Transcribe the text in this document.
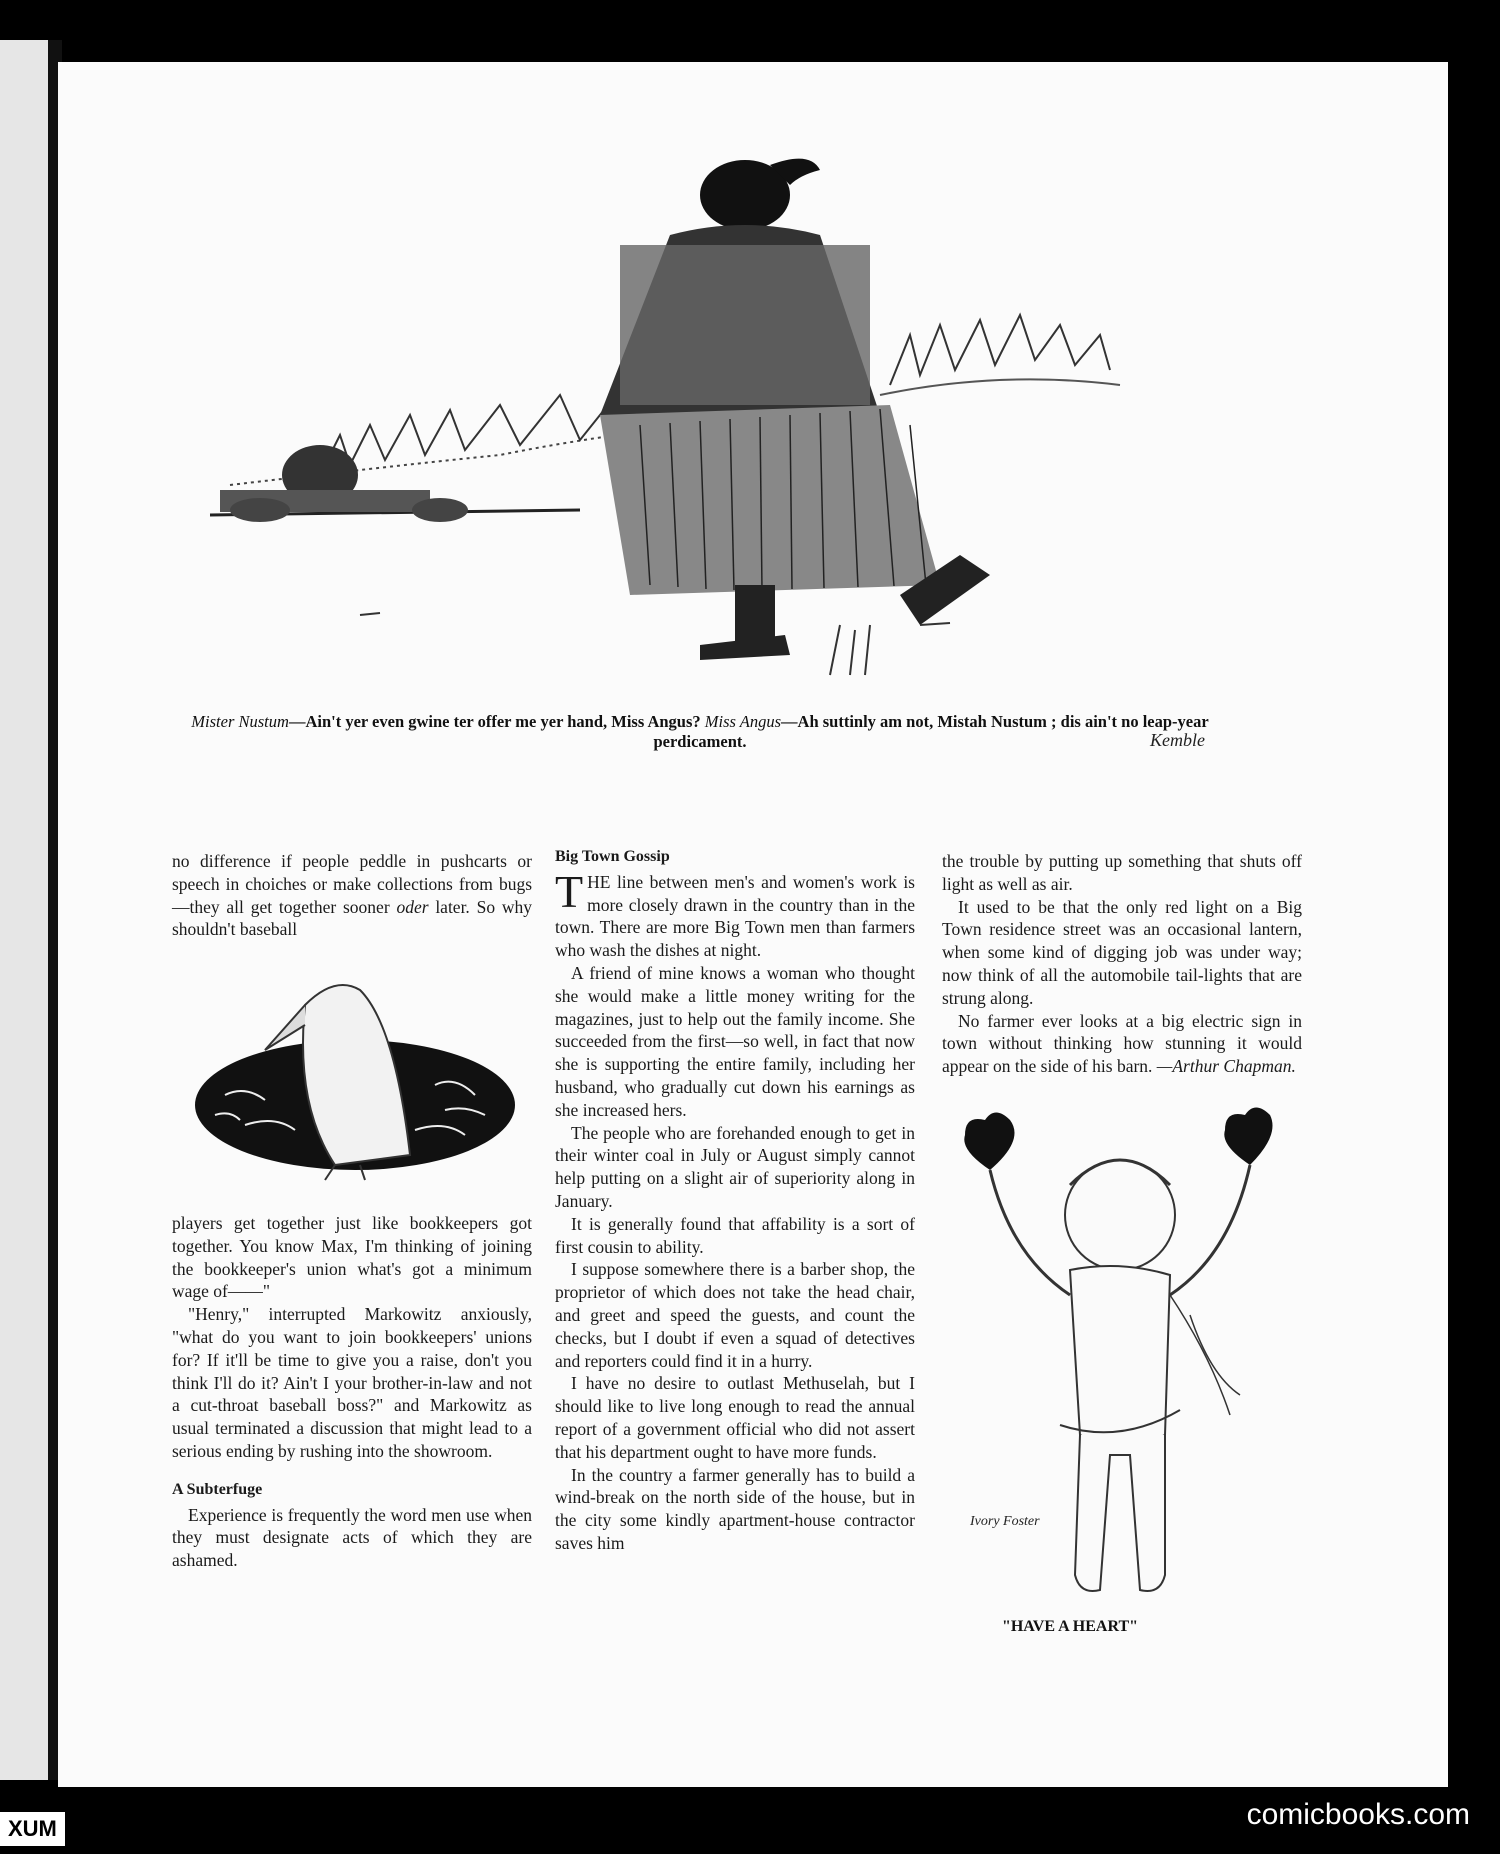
Kemble
Mister Nustum—Ain't yer even gwine ter offer me yer hand, Miss Angus? Miss Angus—Ah suttinly am not, Mistah Nustum ; dis ain't no leap-year perdicament.

no difference if people peddle in pushcarts or speech in choiches or make collections from bugs—they all get together sooner oder later. So why shouldn't baseball

players get together just like bookkeepers got together. You know Max, I'm thinking of joining the bookkeeper's union what's got a minimum wage of——"

"Henry," interrupted Markowitz anxiously, "what do you want to join bookkeepers' unions for? If it'll be time to give you a raise, don't you think I'll do it? Ain't I your brother-in-law and not a cut-throat baseball boss?" and Markowitz as usual terminated a discussion that might lead to a serious ending by rushing into the showroom.

A Subterfuge

Experience is frequently the word men use when they must designate acts of which they are ashamed.

Big Town Gossip

THE line between men's and women's work is more closely drawn in the country than in the town. There are more Big Town men than farmers who wash the dishes at night.

A friend of mine knows a woman who thought she would make a little money writing for the magazines, just to help out the family income. She succeeded from the first—so well, in fact that now she is supporting the entire family, including her husband, who gradually cut down his earnings as she increased hers.

The people who are forehanded enough to get in their winter coal in July or August simply cannot help putting on a slight air of superiority along in January.

It is generally found that affability is a sort of first cousin to ability.

I suppose somewhere there is a barber shop, the proprietor of which does not take the head chair, and greet and speed the guests, and count the checks, but I doubt if even a squad of detectives and reporters could find it in a hurry.

I have no desire to outlast Methuselah, but I should like to live long enough to read the annual report of a government official who did not assert that his department ought to have more funds.

In the country a farmer generally has to build a wind-break on the north side of the house, but in the city some kindly apartment-house contractor saves him

the trouble by putting up something that shuts off light as well as air.

It used to be that the only red light on a Big Town residence street was an occasional lantern, when some kind of digging job was under way; now think of all the automobile tail-lights that are strung along.

No farmer ever looks at a big electric sign in town without thinking how stunning it would appear on the side of his barn. —Arthur Chapman.

Ivory Foster
"HAVE A HEART"
comicbooks.com
XUM
